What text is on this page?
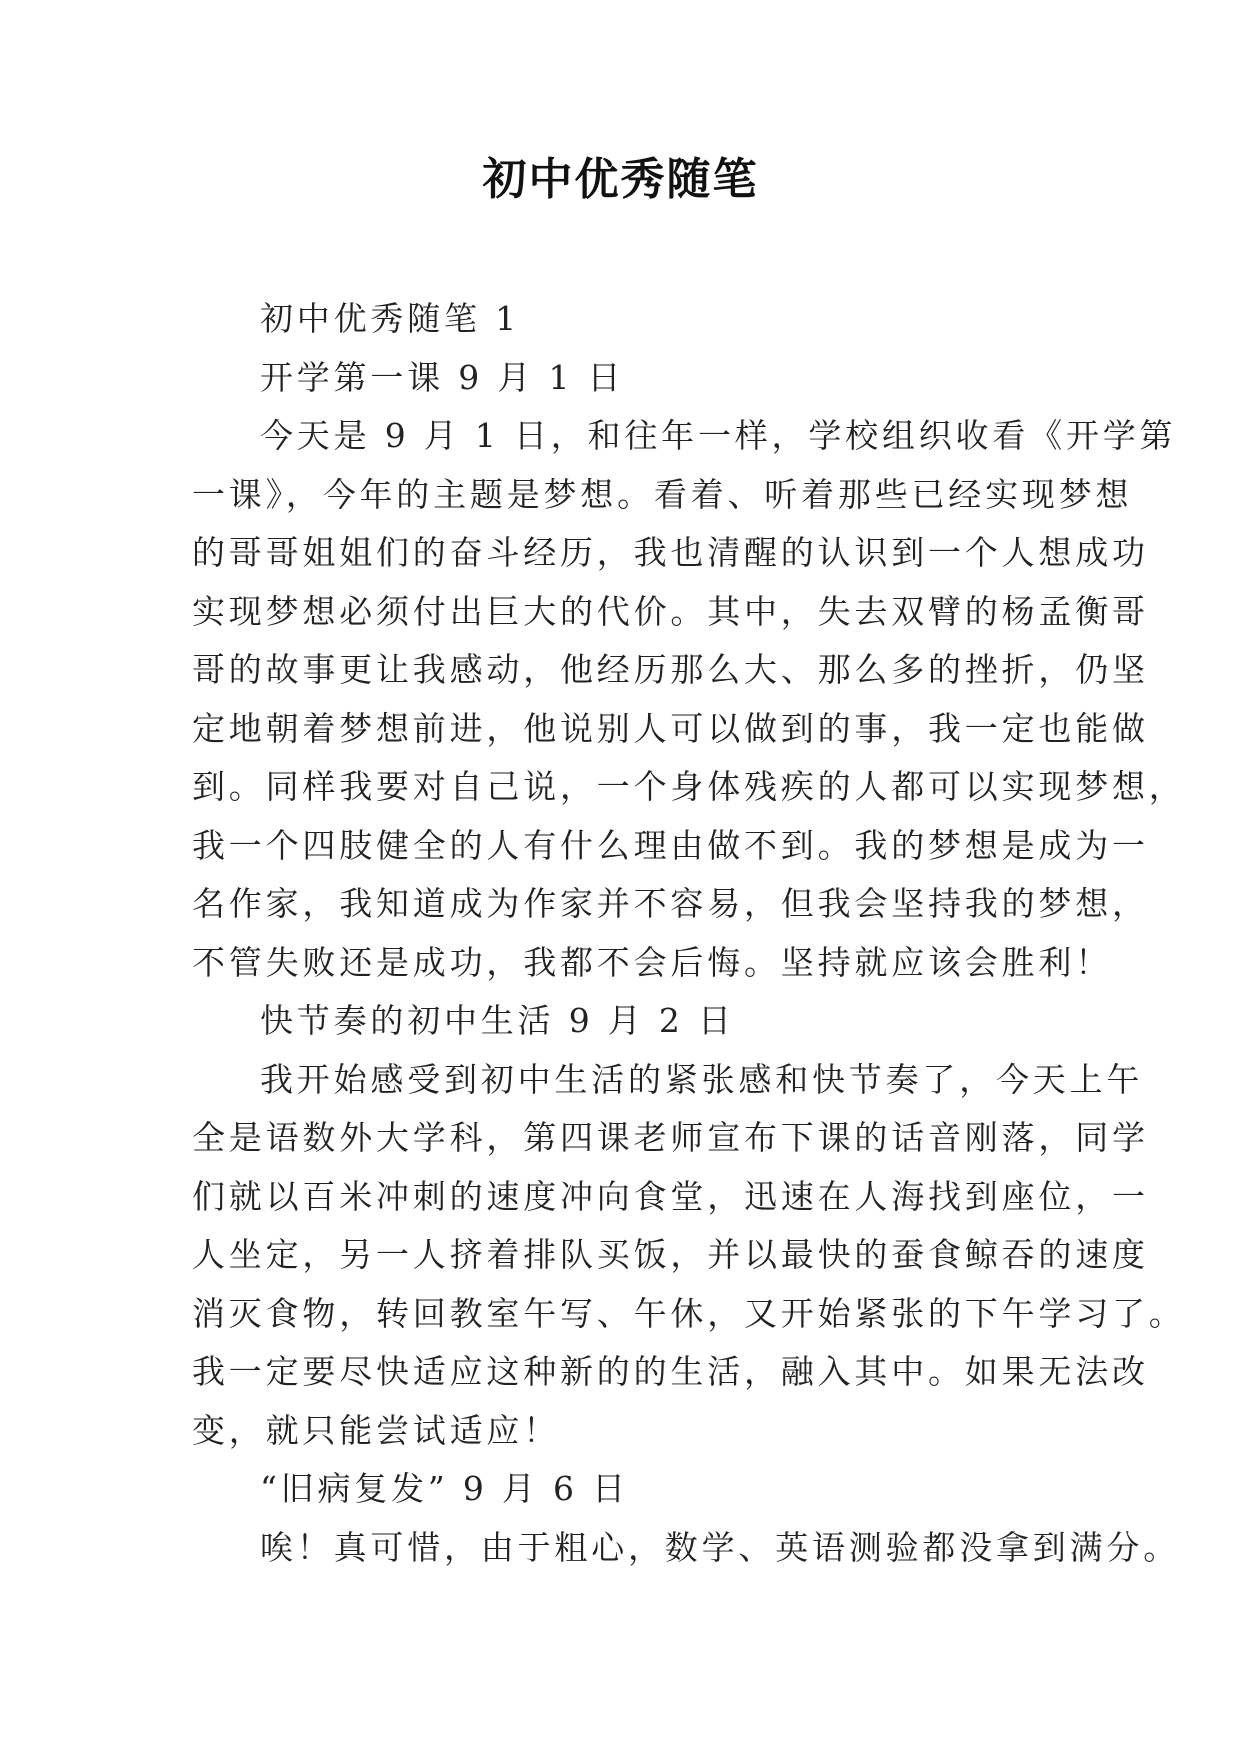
初中优秀随笔
初中优秀随笔 1
开学第一课 9 月 1 日
今天是 9 月 1 日，和往年一样，学校组织收看《开学第
一课》，今年的主题是梦想。看着、听着那些已经实现梦想
的哥哥姐姐们的奋斗经历，我也清醒的认识到一个人想成功
实现梦想必须付出巨大的代价。其中，失去双臂的杨孟衡哥
哥的故事更让我感动，他经历那么大、那么多的挫折，仍坚
定地朝着梦想前进，他说别人可以做到的事，我一定也能做
到。同样我要对自己说，一个身体残疾的人都可以实现梦想，
我一个四肢健全的人有什么理由做不到。我的梦想是成为一
名作家，我知道成为作家并不容易，但我会坚持我的梦想，
不管失败还是成功，我都不会后悔。坚持就应该会胜利！
快节奏的初中生活 9 月 2 日
我开始感受到初中生活的紧张感和快节奏了，今天上午
全是语数外大学科，第四课老师宣布下课的话音刚落，同学
们就以百米冲刺的速度冲向食堂，迅速在人海找到座位，一
人坐定，另一人挤着排队买饭，并以最快的蚕食鲸吞的速度
消灭食物，转回教室午写、午休，又开始紧张的下午学习了。
我一定要尽快适应这种新的的生活，融入其中。如果无法改
变，就只能尝试适应！
“旧病复发” 9 月 6 日
唉！真可惜，由于粗心，数学、英语测验都没拿到满分。
